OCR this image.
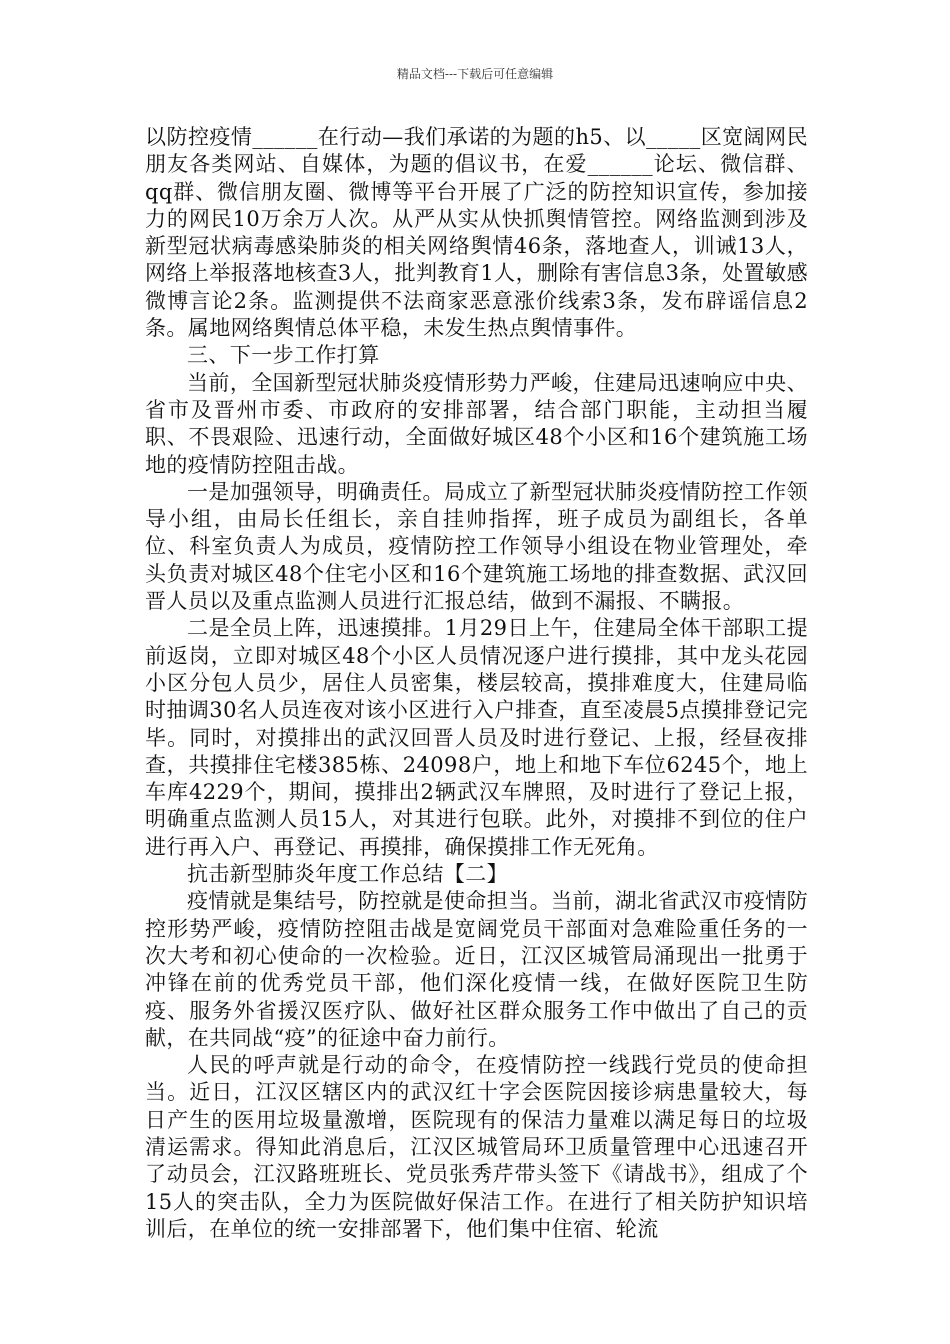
精品文档---下载后可任意编辑

以防控疫情______在行动—我们承诺的为题的h5、以_____区宽阔网民朋友各类网站、自媒体，为题的倡议书，在爱______论坛、微信群、qq群、微信朋友圈、微博等平台开展了广泛的防控知识宣传，参加接力的网民10万余万人次。从严从实从快抓舆情管控。网络监测到涉及新型冠状病毒感染肺炎的相关网络舆情46条，落地查人，训诫13人，网络上举报落地核查3人，批判教育1人，删除有害信息3条，处置敏感微博言论2条。监测提供不法商家恶意涨价线索3条，发布辟谣信息2条。属地网络舆情总体平稳，未发生热点舆情事件。

三、下一步工作打算

当前，全国新型冠状肺炎疫情形势力严峻，住建局迅速响应中央、省市及晋州市委、市政府的安排部署，结合部门职能，主动担当履职、不畏艰险、迅速行动，全面做好城区48个小区和16个建筑施工场地的疫情防控阻击战。

一是加强领导，明确责任。局成立了新型冠状肺炎疫情防控工作领导小组，由局长任组长，亲自挂帅指挥，班子成员为副组长，各单位、科室负责人为成员，疫情防控工作领导小组设在物业管理处，牵头负责对城区48个住宅小区和16个建筑施工场地的排查数据、武汉回晋人员以及重点监测人员进行汇报总结，做到不漏报、不瞒报。

二是全员上阵，迅速摸排。1月29日上午，住建局全体干部职工提前返岗，立即对城区48个小区人员情况逐户进行摸排，其中龙头花园小区分包人员少，居住人员密集，楼层较高，摸排难度大，住建局临时抽调30名人员连夜对该小区进行入户排查，直至凌晨5点摸排登记完毕。同时，对摸排出的武汉回晋人员及时进行登记、上报，经昼夜排查，共摸排住宅楼385栋、24098户，地上和地下车位6245个，地上车库4229个，期间，摸排出2辆武汉车牌照，及时进行了登记上报，明确重点监测人员15人，对其进行包联。此外，对摸排不到位的住户进行再入户、再登记、再摸排，确保摸排工作无死角。

抗击新型肺炎年度工作总结【二】

疫情就是集结号，防控就是使命担当。当前，湖北省武汉市疫情防控形势严峻，疫情防控阻击战是宽阔党员干部面对急难险重任务的一次大考和初心使命的一次检验。近日，江汉区城管局涌现出一批勇于冲锋在前的优秀党员干部，他们深化疫情一线，在做好医院卫生防疫、服务外省援汉医疗队、做好社区群众服务工作中做出了自己的贡献，在共同战“疫”的征途中奋力前行。

人民的呼声就是行动的命令，在疫情防控一线践行党员的使命担当。近日，江汉区辖区内的武汉红十字会医院因接诊病患量较大，每日产生的医用垃圾量激增，医院现有的保洁力量难以满足每日的垃圾清运需求。得知此消息后，江汉区城管局环卫质量管理中心迅速召开了动员会，江汉路班班长、党员张秀芹带头签下《请战书》，组成了个15人的突击队，全力为医院做好保洁工作。在进行了相关防护知识培训后，在单位的统一安排部署下，他们集中住宿、轮流
